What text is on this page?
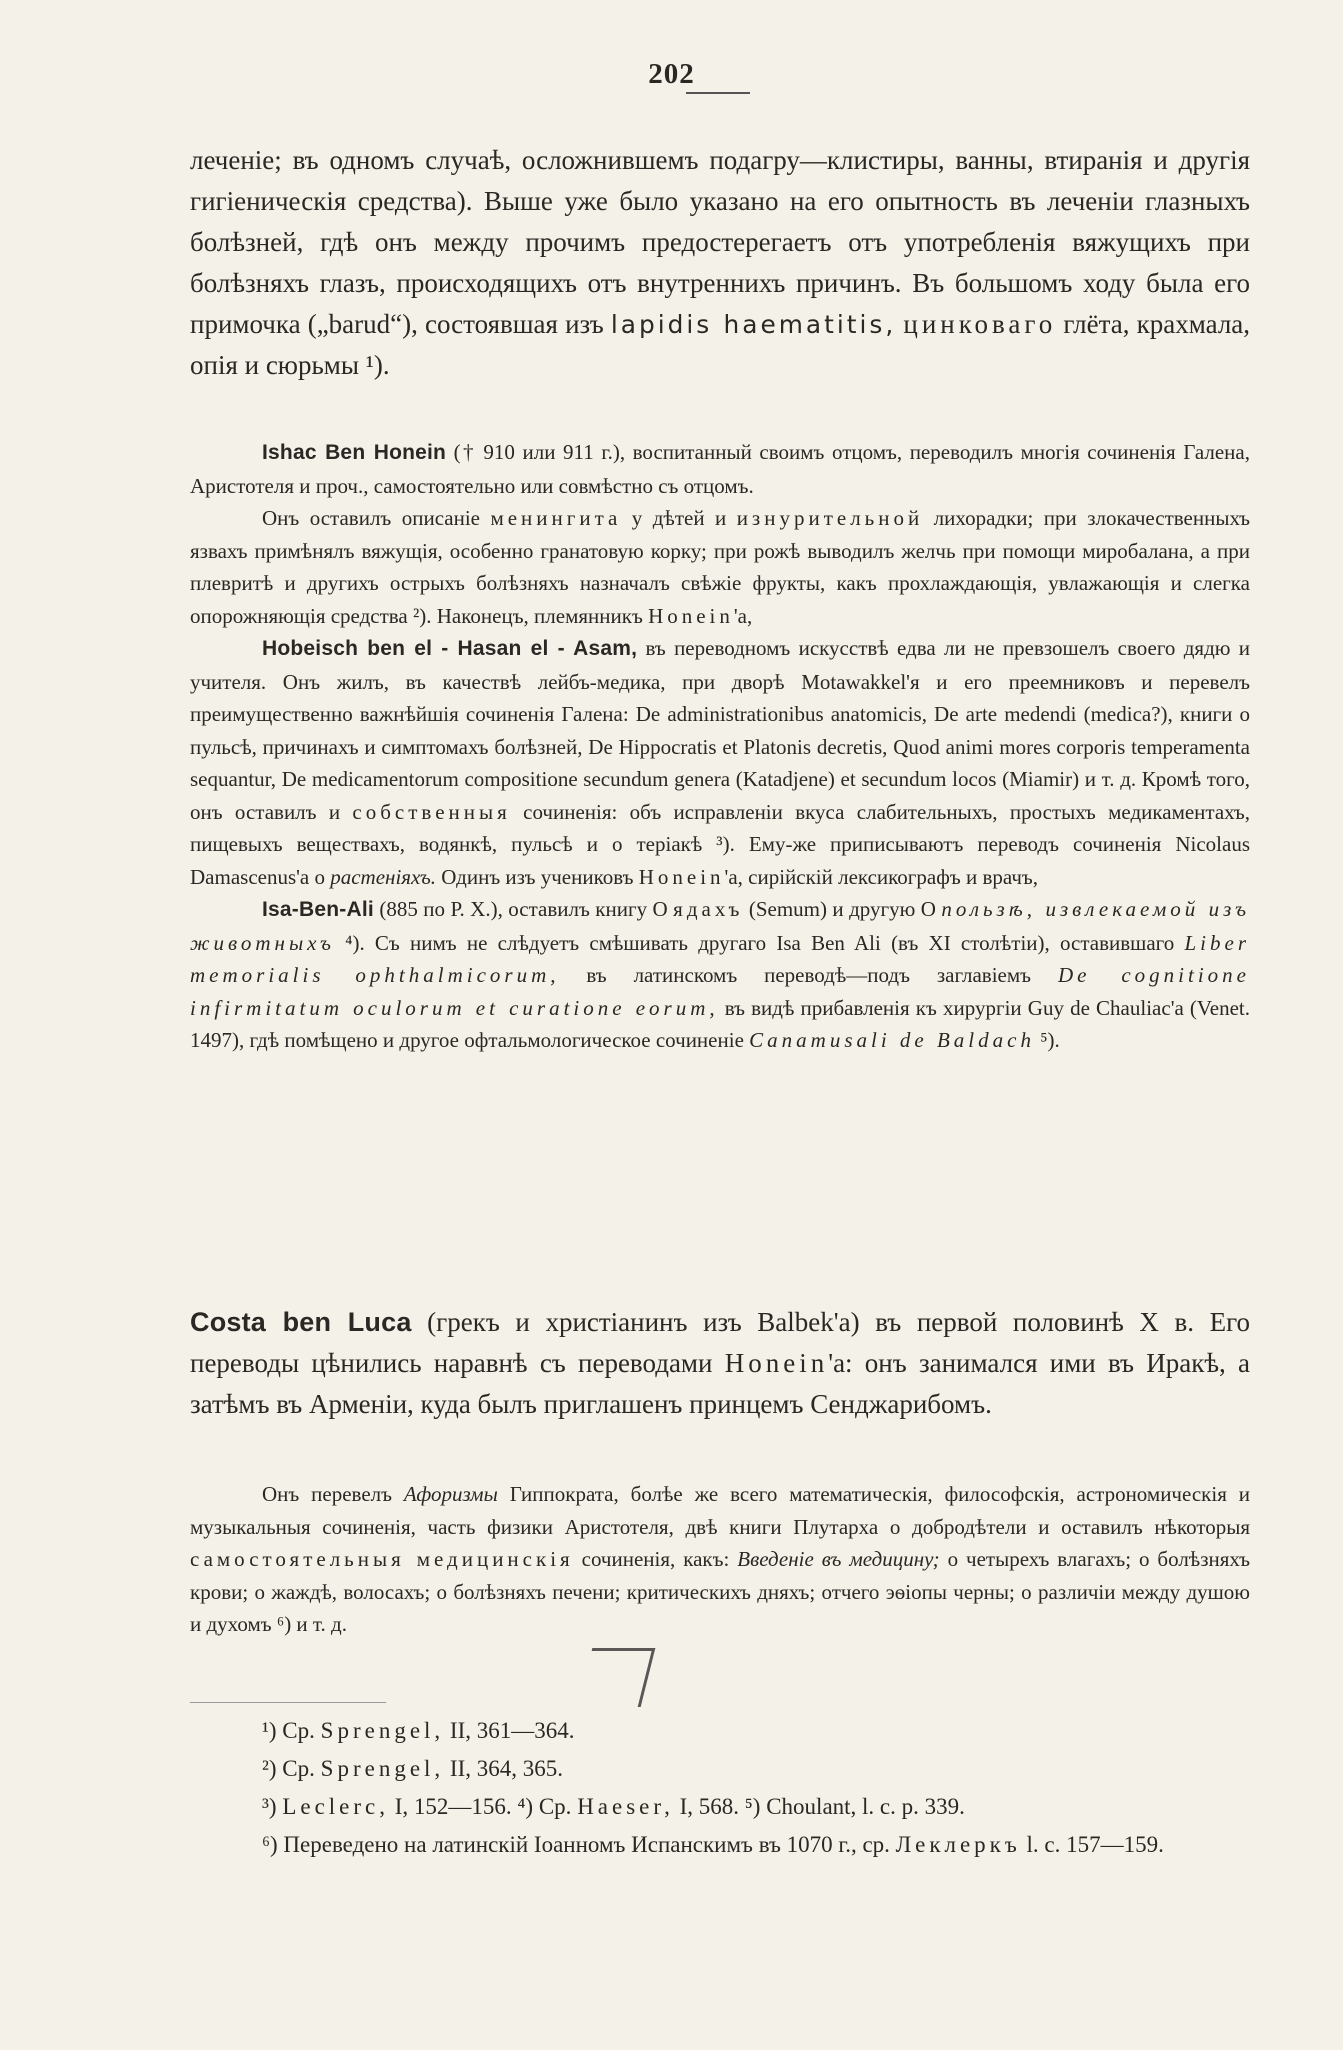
202

леченіе; въ одномъ случаѣ, осложнившемъ подагру—клистиры, ванны, втиранія и другія гигіеническія средства). Выше уже было указано на его опытность въ леченіи глазныхъ болѣзней, гдѣ онъ между прочимъ предостерегаетъ отъ употребленія вяжущихъ при болѣзняхъ глазъ, происходящихъ отъ внутреннихъ причинъ. Въ большомъ ходу была его примочка („barud“), состоявшая изъ lapidis haematitis, цинковаго глёта, крахмала, опія и сюрьмы ¹).

Ishac Ben Honein († 910 или 911 г.), воспитанный своимъ отцомъ, переводилъ многія сочиненія Галена, Аристотеля и проч., самостоятельно или совмѣстно съ отцомъ.

Онъ оставилъ описаніе менингита у дѣтей и изнурительной лихорадки; при злокачественныхъ язвахъ примѣнялъ вяжущія, особенно гранатовую корку; при рожѣ выводилъ желчь при помощи миробалана, а при плевритѣ и другихъ острыхъ болѣзняхъ назначалъ свѣжіе фрукты, какъ прохлаждающія, увлажающія и слегка опорожняющія средства ²). Наконецъ, племянникъ Honein'a,

Hobeisch ben el - Hasan el - Asam, въ переводномъ искусствѣ едва ли не превзошелъ своего дядю и учителя. Онъ жилъ, въ качествѣ лейбъ-медика, при дворѣ Motawakkel'я и его преемниковъ и перевелъ преимущественно важнѣйшія сочиненія Галена: De administrationibus anatomicis, De arte medendi (medica?), книги о пульсѣ, причинахъ и симптомахъ болѣзней, De Hippocratis et Platonis decretis, Quod animi mores corporis temperamenta sequantur, De medicamentorum compositione secundum genera (Katadjene) et secundum locos (Miamir) и т. д. Кромѣ того, онъ оставилъ и собственныя сочиненія: объ исправленіи вкуса слабительныхъ, простыхъ медикаментахъ, пищевыхъ веществахъ, водянкѣ, пульсѣ и о теріакѣ ³). Ему-же приписываютъ переводъ сочиненія Nicolaus Damascenus'а о растеніяхъ. Одинъ изъ учениковъ Honein'a, сирійскій лексикографъ и врачъ,

Isa-Ben-Ali (885 по Р. Х.), оставилъ книгу О ядахъ (Semum) и другую О пользѣ, извлекаемой изъ животныхъ ⁴). Съ нимъ не слѣдуетъ смѣшивать другаго Isa Ben Ali (въ XI столѣтіи), оставившаго Liber memorialis ophthalmicorum, въ латинскомъ переводѣ—подъ заглавіемъ De cognitione infirmitatum oculorum et curatione eorum, въ видѣ прибавленія къ хирургіи Guy de Chauliac'а (Venet. 1497), гдѣ помѣщено и другое офтальмологическое сочиненіе Canamusali de Baldach ⁵).

Costa ben Luca (грекъ и христіанинъ изъ Balbek'а) въ первой половинѣ X в. Его переводы цѣнились наравнѣ съ переводами Honein'a: онъ занимался ими въ Иракѣ, а затѣмъ въ Арменіи, куда былъ приглашенъ принцемъ Сенджарибомъ.

Онъ перевелъ Афоризмы Гиппократа, болѣе же всего математическія, философскія, астрономическія и музыкальныя сочиненія, часть физики Аристотеля, двѣ книги Плутарха о добродѣтели и оставилъ нѣкоторыя самостоятельныя медицинскія сочиненія, какъ: Введеніе въ медицину; о четырехъ влагахъ; о болѣзняхъ крови; о жаждѣ, волосахъ; о болѣзняхъ печени; критическихъ дняхъ; отчего эѳіопы черны; о различіи между душою и духомъ ⁶) и т. д.

¹) Ср. Sprengel, II, 361—364.

²) Ср. Sprengel, II, 364, 365.

³) Leclerc, I, 152—156. ⁴) Ср. Haeser, I, 568. ⁵) Choulant, l. c. p. 339.

⁶) Переведено на латинскій Іоанномъ Испанскимъ въ 1070 г., ср. Леклеркъ l. c. 157—159.
